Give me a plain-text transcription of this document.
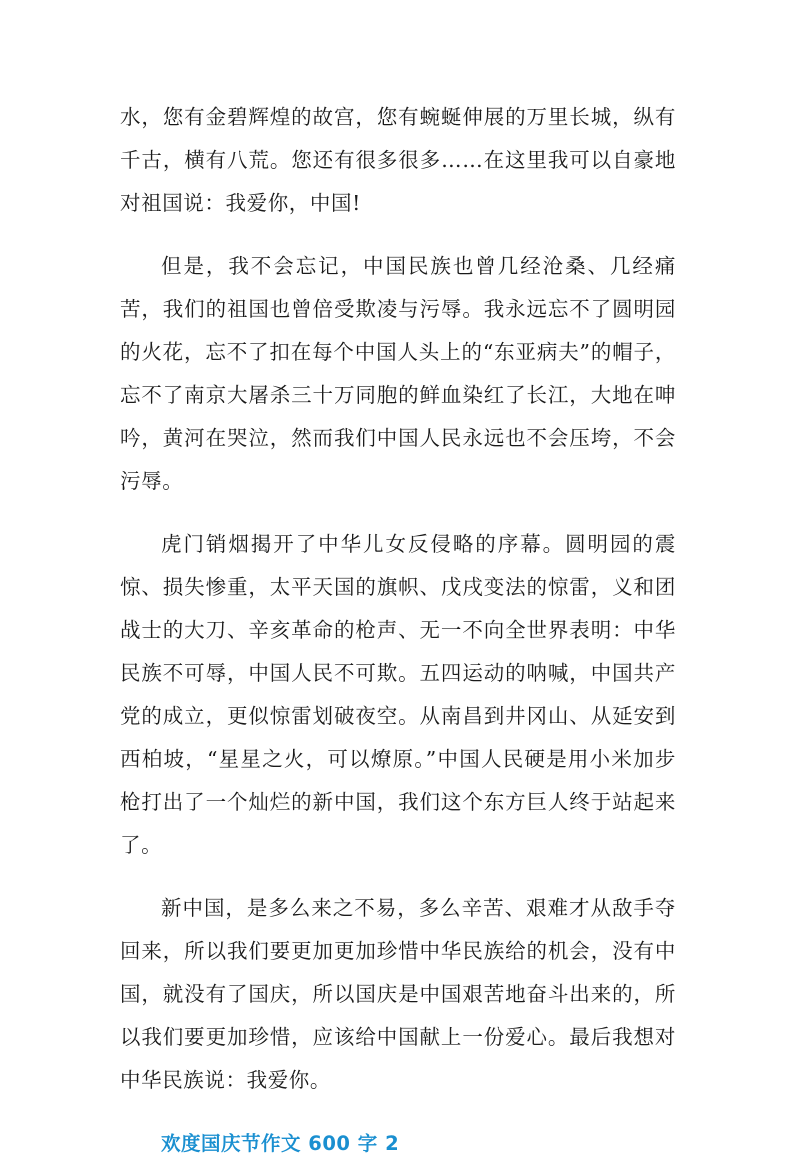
水，您有金碧辉煌的故宫，您有蜿蜒伸展的万里长城，纵有千古，横有八荒。您还有很多很多……在这里我可以自豪地对祖国说：我爱你，中国!

但是，我不会忘记，中国民族也曾几经沧桑、几经痛苦，我们的祖国也曾倍受欺凌与污辱。我永远忘不了圆明园的火花，忘不了扣在每个中国人头上的“东亚病夫”的帽子，忘不了南京大屠杀三十万同胞的鲜血染红了长江，大地在呻吟，黄河在哭泣，然而我们中国人民永远也不会压垮，不会污辱。

虎门销烟揭开了中华儿女反侵略的序幕。圆明园的震惊、损失惨重，太平天国的旗帜、戊戌变法的惊雷，义和团战士的大刀、辛亥革命的枪声、无一不向全世界表明：中华民族不可辱，中国人民不可欺。五四运动的呐喊，中国共产党的成立，更似惊雷划破夜空。从南昌到井冈山、从延安到西柏坡，“星星之火，可以燎原。”中国人民硬是用小米加步枪打出了一个灿烂的新中国，我们这个东方巨人终于站起来了。

新中国，是多么来之不易，多么辛苦、艰难才从敌手夺回来，所以我们要更加更加珍惜中华民族给的机会，没有中国，就没有了国庆，所以国庆是中国艰苦地奋斗出来的，所以我们要更加珍惜，应该给中国献上一份爱心。最后我想对中华民族说：我爱你。

欢度国庆节作文 600 字 2
